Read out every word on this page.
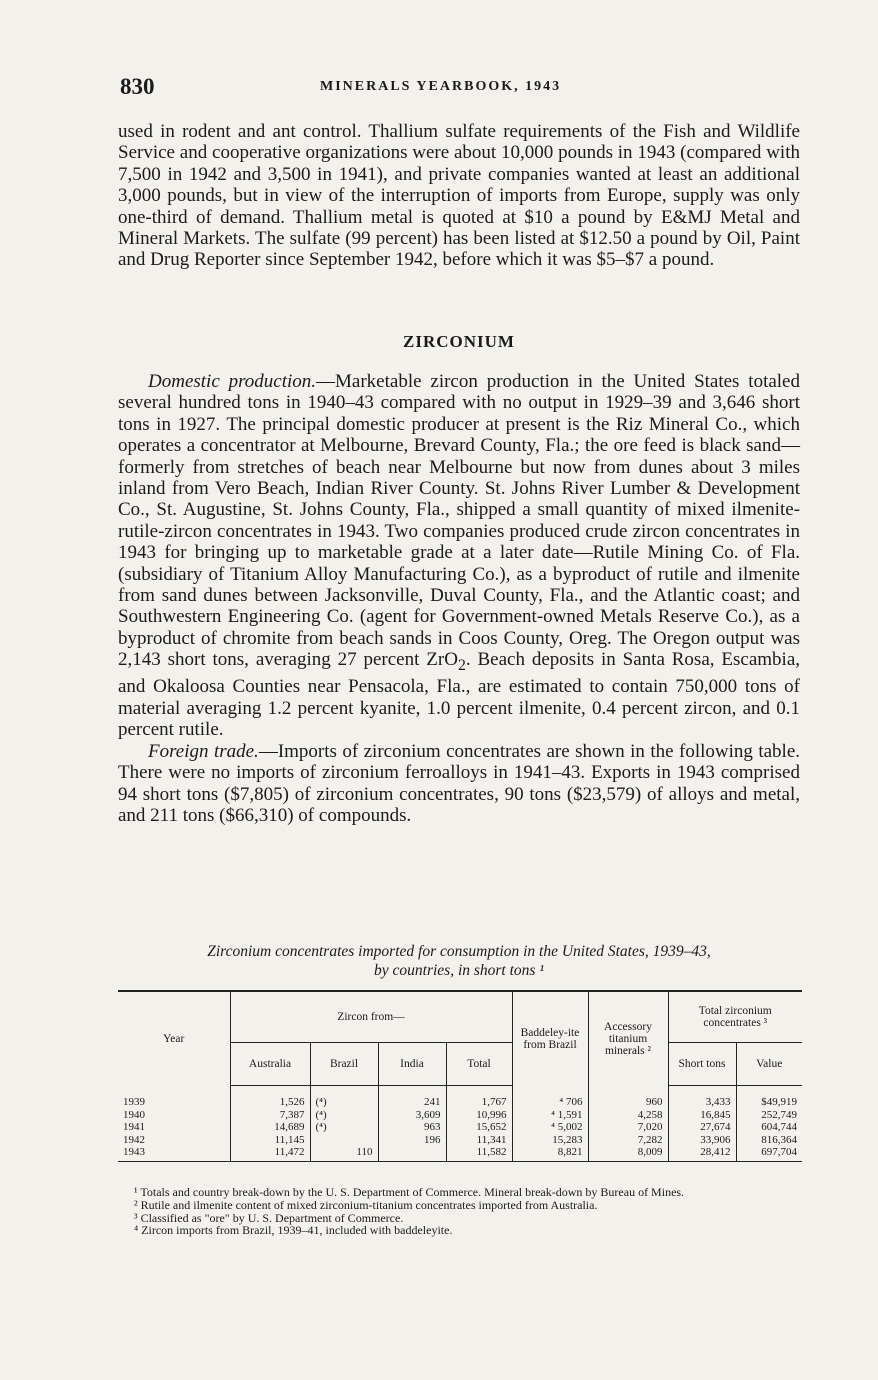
830	MINERALS YEARBOOK, 1943

used in rodent and ant control. Thallium sulfate requirements of the Fish and Wildlife Service and cooperative organizations were about 10,000 pounds in 1943 (compared with 7,500 in 1942 and 3,500 in 1941), and private companies wanted at least an additional 3,000 pounds, but in view of the interruption of imports from Europe, supply was only one-third of demand. Thallium metal is quoted at $10 a pound by E&MJ Metal and Mineral Markets. The sulfate (99 percent) has been listed at $12.50 a pound by Oil, Paint and Drug Reporter since September 1942, before which it was $5–$7 a pound.

ZIRCONIUM

Domestic production.—Marketable zircon production in the United States totaled several hundred tons in 1940–43 compared with no output in 1929–39 and 3,646 short tons in 1927. The principal domestic producer at present is the Riz Mineral Co., which operates a concentrator at Melbourne, Brevard County, Fla.; the ore feed is black sand—formerly from stretches of beach near Melbourne but now from dunes about 3 miles inland from Vero Beach, Indian River County. St. Johns River Lumber & Development Co., St. Augustine, St. Johns County, Fla., shipped a small quantity of mixed ilmenite-rutile-zircon concentrates in 1943. Two companies produced crude zircon concentrates in 1943 for bringing up to marketable grade at a later date—Rutile Mining Co. of Fla. (subsidiary of Titanium Alloy Manufacturing Co.), as a byproduct of rutile and ilmenite from sand dunes between Jacksonville, Duval County, Fla., and the Atlantic coast; and Southwestern Engineering Co. (agent for Government-owned Metals Reserve Co.), as a byproduct of chromite from beach sands in Coos County, Oreg. The Oregon output was 2,143 short tons, averaging 27 percent ZrO$_2$. Beach deposits in Santa Rosa, Escambia, and Okaloosa Counties near Pensacola, Fla., are estimated to contain 750,000 tons of material averaging 1.2 percent kyanite, 1.0 percent ilmenite, 0.4 percent zircon, and 0.1 percent rutile.

Foreign trade.—Imports of zirconium concentrates are shown in the following table. There were no imports of zirconium ferroalloys in 1941–43. Exports in 1943 comprised 94 short tons ($7,805) of zirconium concentrates, 90 tons ($23,579) of alloys and metal, and 211 tons ($66,310) of compounds.

Zirconium concentrates imported for consumption in the United States, 1939–43,
by countries, in short tons ¹
Year	Zircon from—				Baddeley-ite from Brazil	Accessory titanium minerals ²	Total zirconium concentrates ³	
	Australia	Brazil	India	Total			Short tons	Value
1939	1,526	(⁴)	241	1,767	⁴ 706	960	3,433	$49,919
1940	7,387	(⁴)	3,609	10,996	⁴ 1,591	4,258	16,845	252,749
1941	14,689	(⁴)	963	15,652	⁴ 5,002	7,020	27,674	604,744
1942	11,145		196	11,341	15,283	7,282	33,906	816,364
1943	11,472	110		11,582	8,821	8,009	28,412	697,704

¹ Totals and country break-down by the U. S. Department of Commerce. Mineral break-down by Bureau of Mines.

² Rutile and ilmenite content of mixed zirconium-titanium concentrates imported from Australia.

³ Classified as "ore" by U. S. Department of Commerce.

⁴ Zircon imports from Brazil, 1939–41, included with baddeleyite.
